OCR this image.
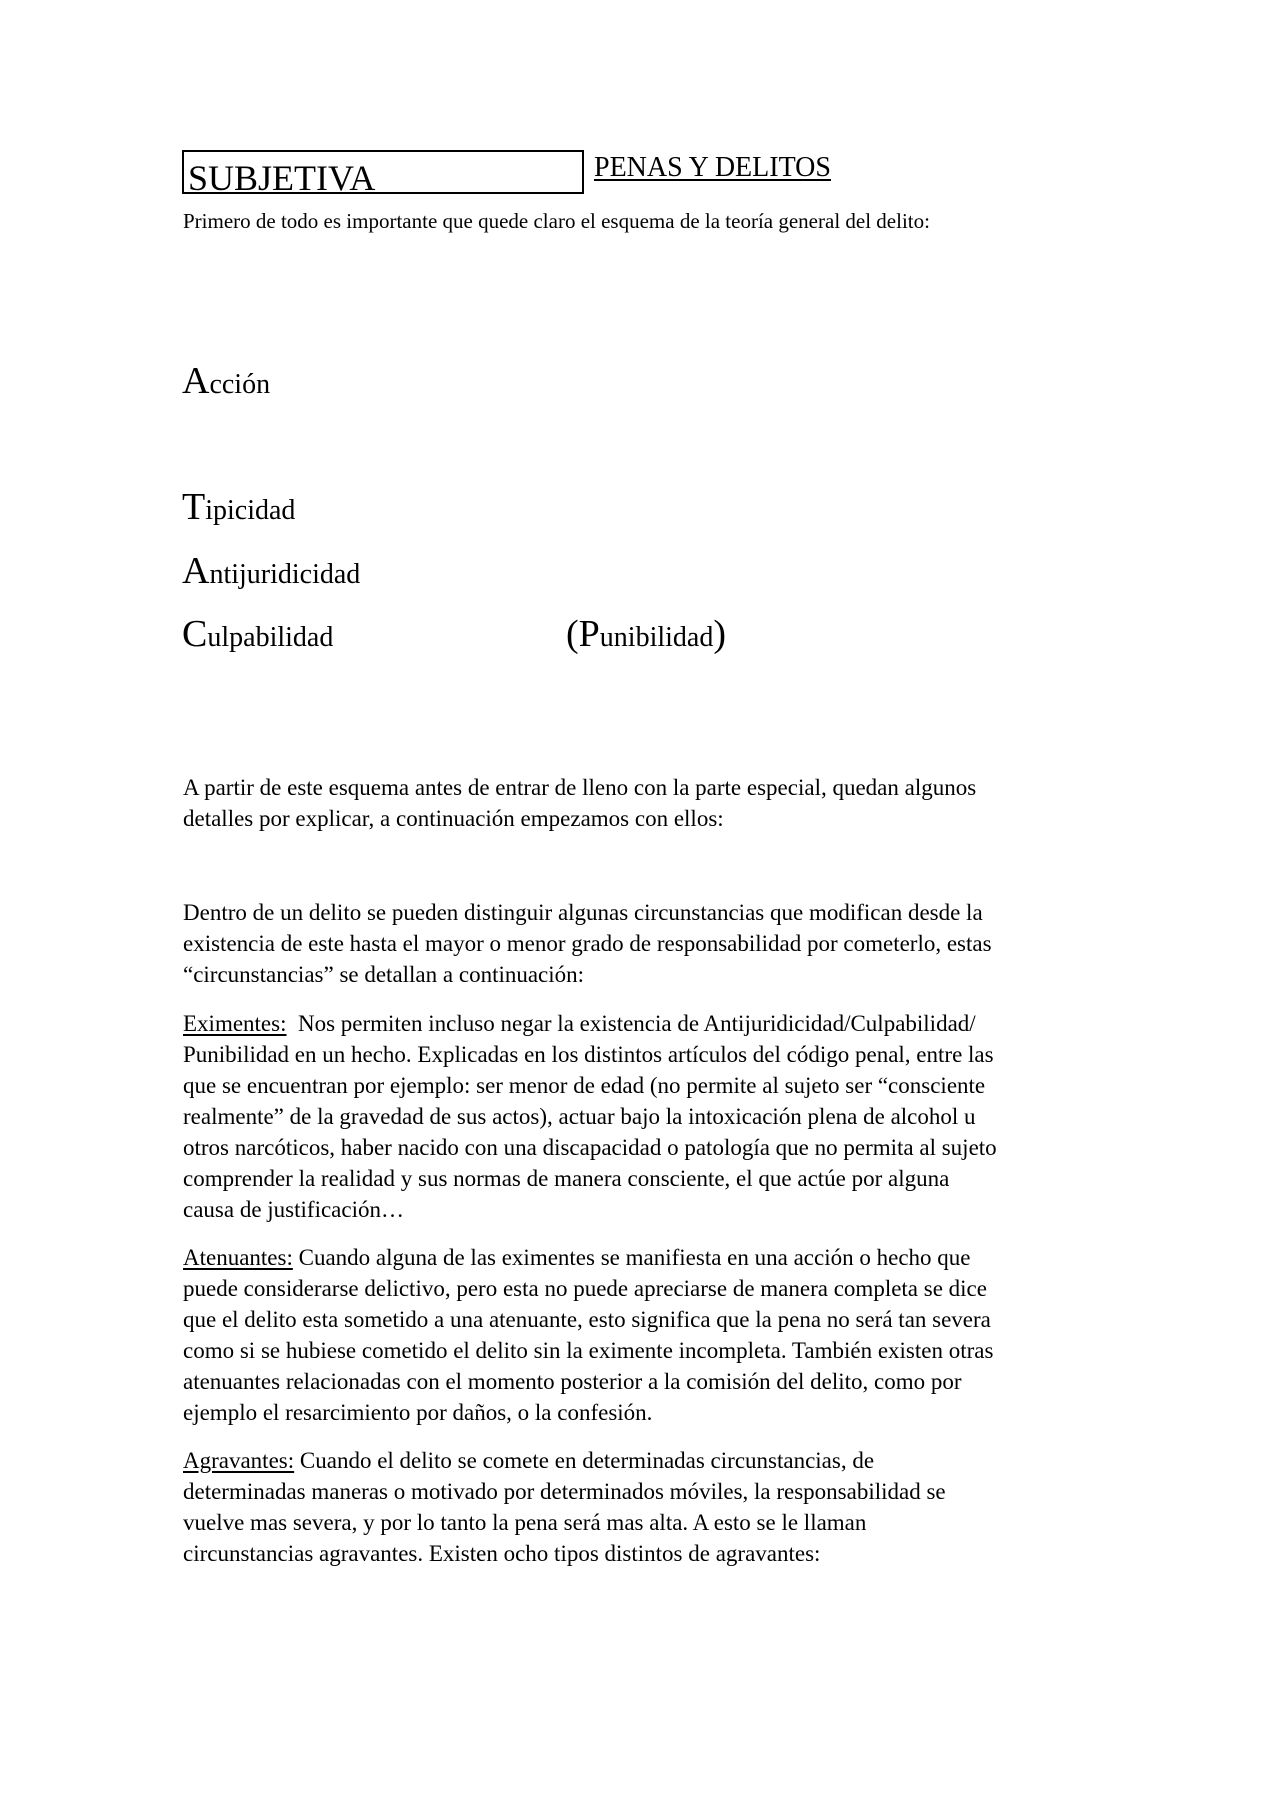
SUBJETIVA	PENAS Y DELITOS
Primero de todo es importante que quede claro el esquema de la teoría general del delito:
Acción
Tipicidad
Antijuridicidad
Culpabilidad	(Punibilidad)
A partir de este esquema antes de entrar de lleno con la parte especial, quedan algunos
detalles por explicar, a continuación empezamos con ellos:
Dentro de un delito se pueden distinguir algunas circunstancias que modifican desde la
existencia de este hasta el mayor o menor grado de responsabilidad por cometerlo, estas
“circunstancias” se detallan a continuación:
Eximentes:  Nos permiten incluso negar la existencia de Antijuridicidad/Culpabilidad/
Punibilidad en un hecho. Explicadas en los distintos artículos del código penal, entre las
que se encuentran por ejemplo: ser menor de edad (no permite al sujeto ser “consciente
realmente” de la gravedad de sus actos), actuar bajo la intoxicación plena de alcohol u
otros narcóticos, haber nacido con una discapacidad o patología que no permita al sujeto
comprender la realidad y sus normas de manera consciente, el que actúe por alguna
causa de justificación…
Atenuantes: Cuando alguna de las eximentes se manifiesta en una acción o hecho que
puede considerarse delictivo, pero esta no puede apreciarse de manera completa se dice
que el delito esta sometido a una atenuante, esto significa que la pena no será tan severa
como si se hubiese cometido el delito sin la eximente incompleta. También existen otras
atenuantes relacionadas con el momento posterior a la comisión del delito, como por
ejemplo el resarcimiento por daños, o la confesión.
Agravantes: Cuando el delito se comete en determinadas circunstancias, de
determinadas maneras o motivado por determinados móviles, la responsabilidad se
vuelve mas severa, y por lo tanto la pena será mas alta. A esto se le llaman
circunstancias agravantes. Existen ocho tipos distintos de agravantes:
